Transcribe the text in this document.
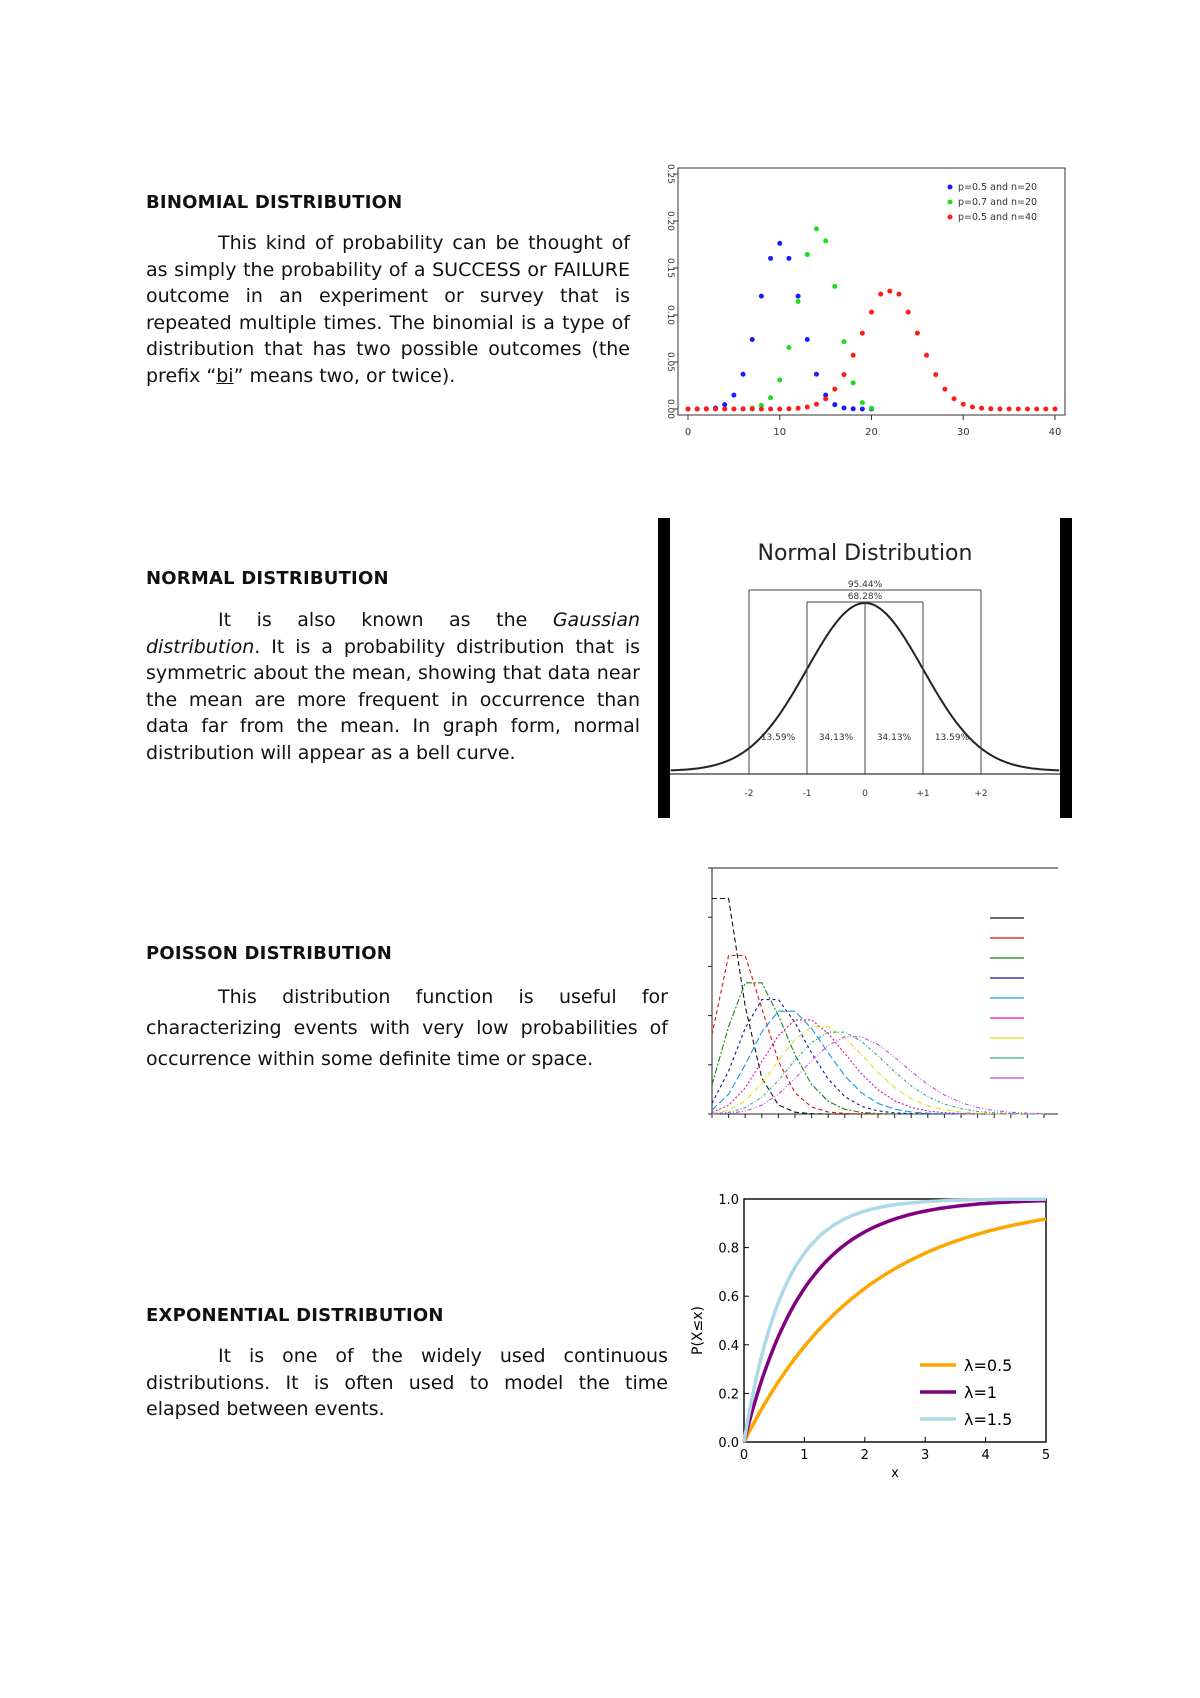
BINOMIAL DISTRIBUTION
This kind of probability can be thought of as simply the probability of a SUCCESS or FAILURE outcome in an experiment or survey that is repeated multiple times. The binomial is a type of distribution that has two possible outcomes (the prefix “bi” means two, or twice).
0	10	20	30	40
0.00
0.05
0.10
0.15
0.20
0.25
p=0.5 and n=20
p=0.7 and n=20
p=0.5 and n=40
NORMAL DISTRIBUTION
It is also known as the Gaussian distribution. It is a probability distribution that is symmetric about the mean, showing that data near the mean are more frequent in occurrence than data far from the mean. In graph form, normal distribution will appear as a bell curve.
Normal Distribution
-2	-1	0	+1	+2
13.59%	34.13%	34.13%	13.59%
95.44%
68.28%
POISSON DISTRIBUTION
This distribution function is useful for characterizing events with very low probabilities of occurrence within some definite time or space.
EXPONENTIAL DISTRIBUTION
It is one of the widely used continuous distributions. It is often used to model the time elapsed between events.
0	1	2	3	4	5
0.0
0.2
0.4
0.6
0.8
1.0
x
P(X≤x)
λ=0.5
λ=1
λ=1.5
